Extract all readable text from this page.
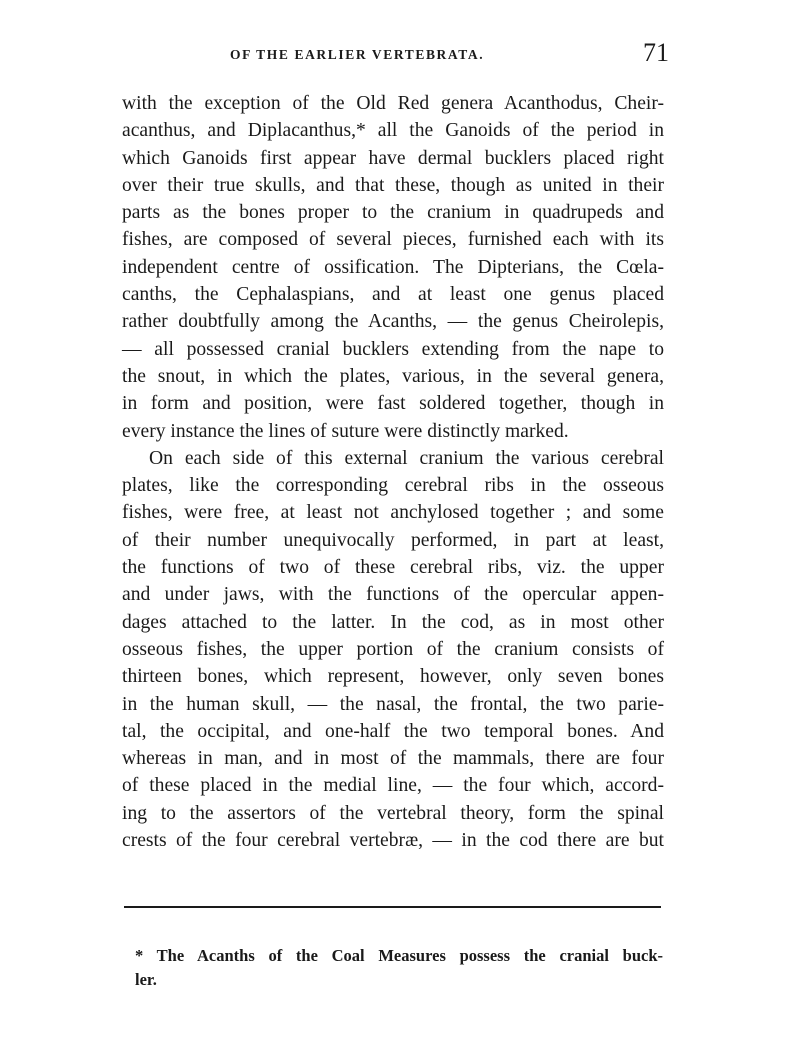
OF THE EARLIER VERTEBRATA.	71
with the exception of the Old Red genera Acanthodus, Cheir-
acanthus, and Diplacanthus,* all the Ganoids of the period in
which Ganoids first appear have dermal bucklers placed right
over their true skulls, and that these, though as united in their
parts as the bones proper to the cranium in quadrupeds and
fishes, are composed of several pieces, furnished each with its
independent centre of ossification. The Dipterians, the Cœla-
canths, the Cephalaspians, and at least one genus placed
rather doubtfully among the Acanths, — the genus Cheirolepis,
— all possessed cranial bucklers extending from the nape to
the snout, in which the plates, various, in the several genera,
in form and position, were fast soldered together, though in
every instance the lines of suture were distinctly marked.
On each side of this external cranium the various cerebral
plates, like the corresponding cerebral ribs in the osseous
fishes, were free, at least not anchylosed together ; and some
of their number unequivocally performed, in part at least,
the functions of two of these cerebral ribs, viz. the upper
and under jaws, with the functions of the opercular appen-
dages attached to the latter. In the cod, as in most other
osseous fishes, the upper portion of the cranium consists of
thirteen bones, which represent, however, only seven bones
in the human skull, — the nasal, the frontal, the two parie-
tal, the occipital, and one-half the two temporal bones. And
whereas in man, and in most of the mammals, there are four
of these placed in the medial line, — the four which, accord-
ing to the assertors of the vertebral theory, form the spinal
crests of the four cerebral vertebræ, — in the cod there are but
* The Acanths of the Coal Measures possess the cranial buck-
ler.
